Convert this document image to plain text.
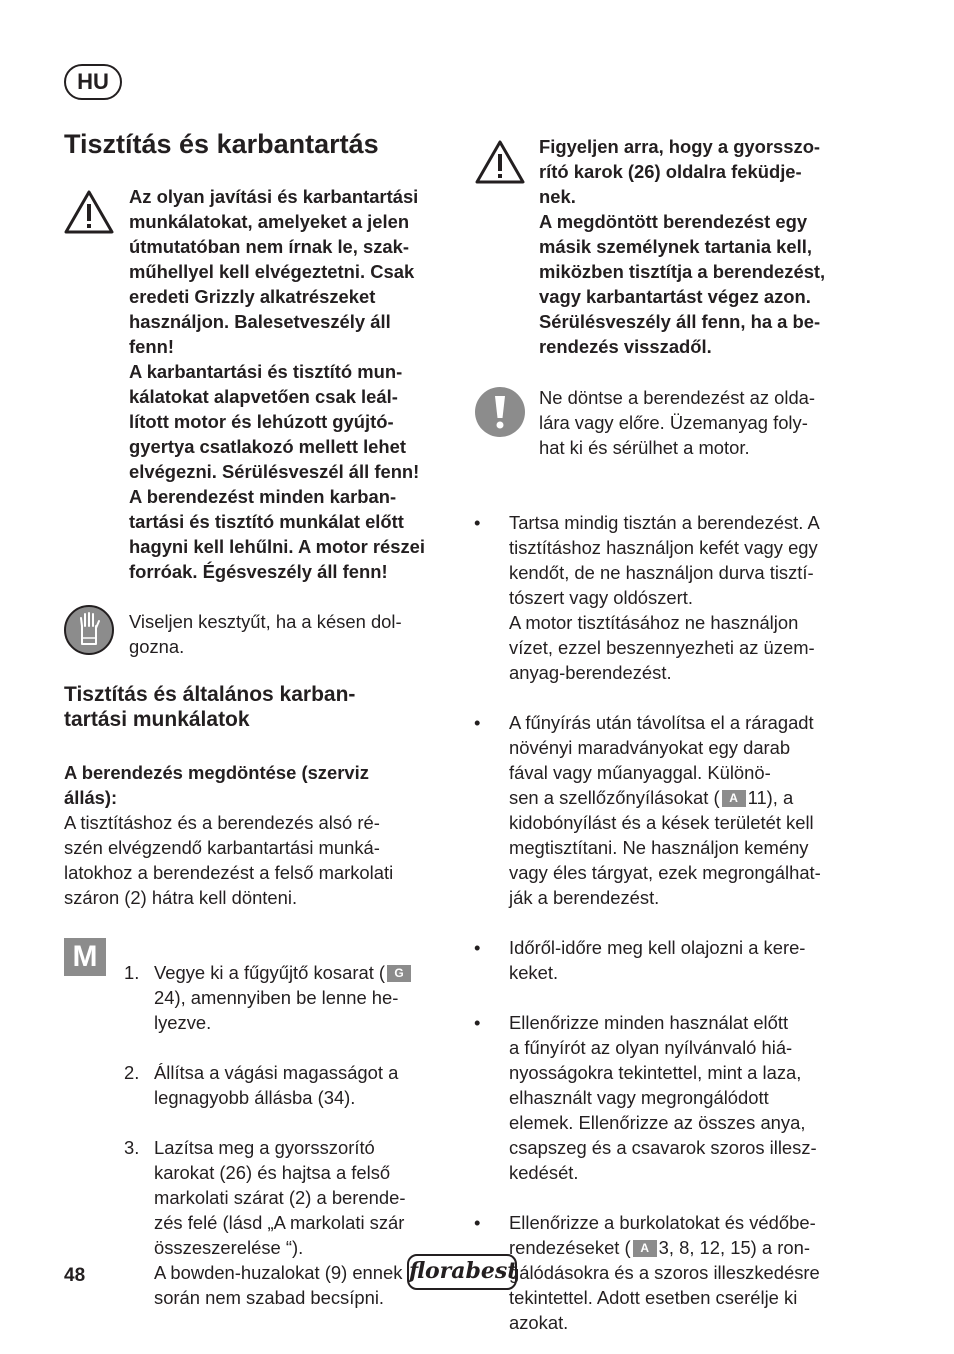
HU
Tisztítás és karbantartás
Az olyan javítási és karbantartási
munkálatokat, amelyeket a jelen
útmutatóban nem írnak le, szak-
műhellyel kell elvégeztetni. Csak
eredeti Grizzly alkatrészeket
használjon. Balesetveszély áll
fenn!
A karbantartási és tisztító mun-
kálatokat alapvetően csak leál-
lított motor és lehúzott gyújtó-
gyertya csatlakozó mellett lehet
elvégezni. Sérülésveszél áll fenn!
A berendezést minden karban-
tartási és tisztító munkálat előtt
hagyni kell lehűlni. A motor részei
forróak. Égésveszély áll fenn!
Viseljen kesztyűt, ha a késen dol-
gozna.
Tisztítás és általános karban-
tartási munkálatok
A berendezés megdöntése (szerviz
állás):
A tisztításhoz és a berendezés alsó ré-
szén elvégzendő karbantartási munká-
latokhoz a berendezést a felső markolati
száron (2) hátra kell dönteni.
M	1. Vegye ki a fűgyűjtő kosarat ( G
24), amennyiben be lenne he-
lyezve.

2. Állítsa a vágási magasságot a
legnagyobb állásba (34).

3. Lazítsa meg a gyorsszorító
karokat (26) és hajtsa a felső
markolati szárat (2) a berende-
zés felé (lásd „A markolati szár
összeszerelése “).
A bowden-huzalokat (9) ennek
során nem szabad becsípni.

Figyeljen arra, hogy a gyorsszo-
rító karok (26) oldalra feküdje-
nek.
A megdöntött berendezést egy
másik személynek tartania kell,
miközben tisztítja a berendezést,
vagy karbantartást végez azon.
Sérülésveszély áll fenn, ha a be-
rendezés visszadől.
Ne döntse a berendezést az olda-
lára vagy előre. Üzemanyag foly-
hat ki és sérülhet a motor.

• Tartsa mindig tisztán a berendezést. A
tisztításhoz használjon kefét vagy egy
kendőt, de ne használjon durva tisztí-
tószert vagy oldószert.
A motor tisztításához ne használjon
vízet, ezzel beszennyezheti az üzem-
anyag-berendezést.

• A fűnyírás után távolítsa el a ráragadt
növényi maradványokat egy darab
fával vagy műanyaggal. Különö-
sen a szellőzőnyílásokat ( A 11), a
kidobónyílást és a kések területét kell
megtisztítani. Ne használjon kemény
vagy éles tárgyat, ezek megrongálhat-
ják a berendezést.

• Időről-időre meg kell olajozni a kere-
keket.

• Ellenőrizze minden használat előtt
a fűnyírót az olyan nyílvánvaló hiá-
nyosságokra tekintettel, mint a laza,
elhasznált vagy megrongálódott
elemek. Ellenőrizze az összes anya,
csapszeg és a csavarok szoros illesz-
kedését.

• Ellenőrizze a burkolatokat és védőbe-
rendezéseket ( A 3, 8, 12, 15) a ron-
gálódásokra és a szoros illeszkedésre
tekintettel. Adott esetben cserélje ki
azokat.

48	florabest
